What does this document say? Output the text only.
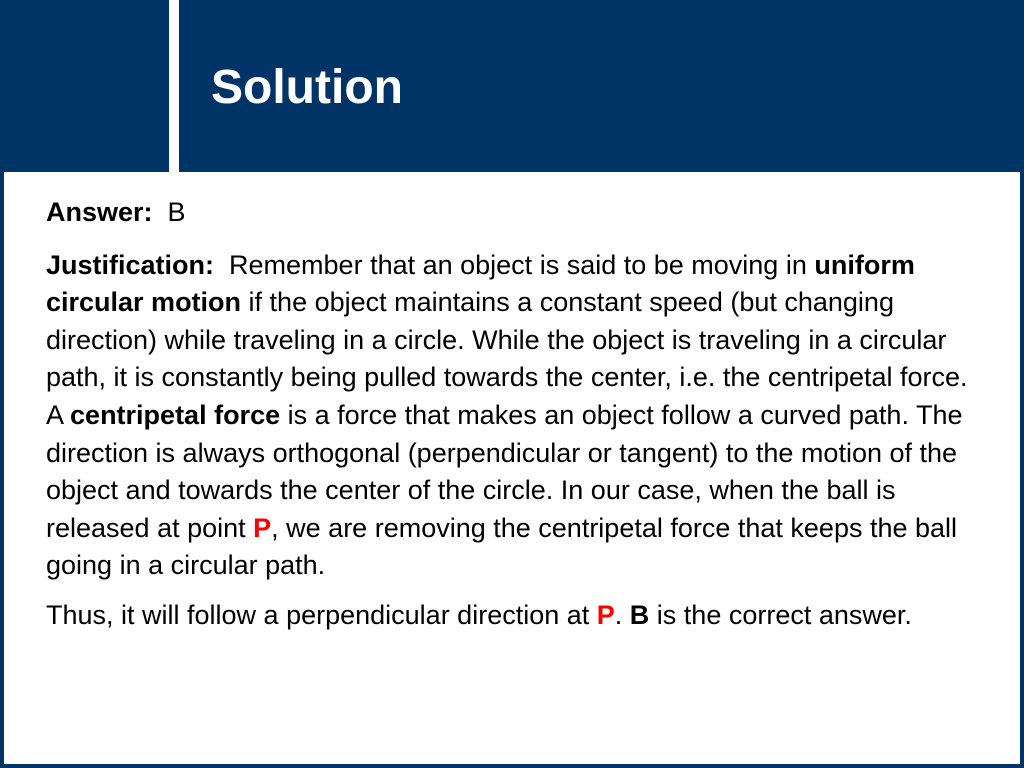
Solution

Answer: B

Justification: Remember that an object is said to be moving in uniform circular motion if the object maintains a constant speed (but changing direction) while traveling in a circle. While the object is traveling in a circular path, it is constantly being pulled towards the center, i.e. the centripetal force. A centripetal force is a force that makes an object follow a curved path. The direction is always orthogonal (perpendicular or tangent) to the motion of the object and towards the center of the circle. In our case, when the ball is released at point P, we are removing the centripetal force that keeps the ball going in a circular path.

Thus, it will follow a perpendicular direction at P. B is the correct answer.
